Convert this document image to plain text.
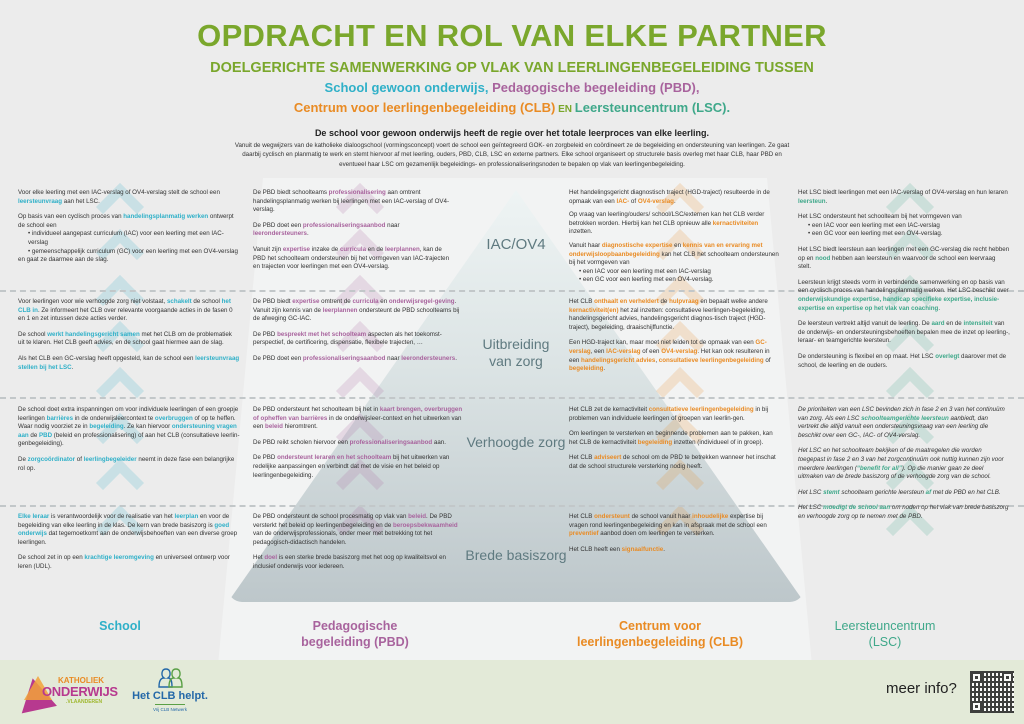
OPDRACHT EN ROL VAN ELKE PARTNER
DOELGERICHTE SAMENWERKING OP VLAK VAN LEERLINGENBEGELEIDING TUSSEN
School gewoon onderwijs, Pedagogische begeleiding (PBD),
Centrum voor leerlingenbegeleiding (CLB) EN Leersteuncentrum (LSC).
De school voor gewoon onderwijs heeft de regie over het totale leerproces van elke leerling.
Vanuit de wegwijzers van de katholieke dialoogschool (vormingsconcept) voert de school een geïntegreerd GOK- en zorgbeleid en coördineert ze de begeleiding en ondersteuning van leerlingen. Ze gaat daarbij cyclisch en planmatig te werk en stemt hiervoor af met leerling, ouders, PBD, CLB, LSC en externe partners. Elke school organiseert op structurele basis overleg met haar CLB, haar PBD en eventueel haar LSC om gezamenlijk begeleidings- en professionaliseringsnoden te bepalen op vlak van leerlingenbegeleiding.
IAC/OV4
Uitbreiding
van zorg
Verhoogde zorg
Brede basiszorg

Voor elke leerling met een IAC-verslag of OV4-verslag stelt de school een leersteunvraag aan het LSC.

Op basis van een cyclisch proces van handelingsplanmatig werken ontwerpt de school een

• individueel aangepast curriculum (IAC) voor een leerling met een IAC-verslag
• gemeenschappelijk curriculum (GC) voor een leerling met een OV4-verslag

en gaat ze daarmee aan de slag.

De PBD biedt schoolteams professionalisering aan omtrent handelingsplanmatig werken bij leerlingen met een IAC-verslag of OV4-verslag.

De PBD doet een professionaliseringsaanbod naar leerondersteuners.

Vanuit zijn expertise inzake de curricula en de leerplannen, kan de PBD het schoolteam ondersteunen bij het vormgeven van IAC-trajecten en trajecten voor leerlingen met een OV4-verslag.

Het handelingsgericht diagnostisch traject (HGD-traject) resulteerde in de opmaak van een IAC- of OV4-verslag.

Op vraag van leerling/ouders/ school/LSC/externen kan het CLB verder betrokken worden. Hierbij kan het CLB opnieuw alle kernactiviteiten inzetten.

Vanuit haar diagnostische expertise en kennis van en ervaring met onderwijsloopbaanbegeleiding kan het CLB het schoolteam ondersteunen bij het vormgeven van

• een IAC voor een leerling met een IAC-verslag
• een GC voor een leerling met een OV4-verslag.

Voor leerlingen voor wie verhoogde zorg niet volstaat, schakelt de school het CLB in. Ze informeert het CLB over relevante voorgaande acties in de fasen 0 en 1 en zet intussen deze acties verder.

De school werkt handelingsgericht samen met het CLB om de problematiek uit te klaren. Het CLB geeft advies, en de school gaat hiermee aan de slag.

Als het CLB een GC-verslag heeft opgesteld, kan de school een leersteunvraag stellen bij het LSC.

De PBD biedt expertise omtrent de curricula en onderwijsregel-geving. Vanuit zijn kennis van de leerplannen ondersteunt de PBD schoolteams bij de afweging GC-IAC.

De PBD bespreekt met het schoolteam aspecten als het toekomst-perspectief, de certificering, dispensatie, flexibele trajecten, …

De PBD doet een professionaliseringsaanbod naar leerondersteuners.

Het CLB onthaalt en verheldert de hulpvraag en bepaalt welke andere kernactiviteit(en) het zal inzetten: consultatieve leerlingen-begeleiding, handelingsgericht advies, handelingsgericht diagnos-tisch traject (HGD-traject), begeleiding, draaischijffunctie.

Een HGD-traject kan, maar moet niet leiden tot de opmaak van een GC-verslag, een IAC-verslag of een OV4-verslag. Het kan ook resulteren in een handelingsgericht advies, consultatieve leerlingenbegeleiding of begeleiding.

De school doet extra inspanningen om voor individuele leerlingen of een groepje leerlingen barrières in de onderwijsleercontext te overbruggen of op te heffen. Waar nodig voorziet ze in begeleiding. Ze kan hiervoor ondersteuning vragen aan de PBD (beleid en professionalisering) of aan het CLB (consultatieve leerlin-genbegeleiding).

De zorgcoördinator of leerlingbegeleider neemt in deze fase een belangrijke rol op.

De PBD ondersteunt het schoolteam bij het in kaart brengen, overbruggen of opheffen van barrières in de onderwijsleer-context en het uitwerken van een beleid hieromtrent.

De PBD reikt scholen hiervoor een professionaliseringsaanbod aan.

De PBD ondersteunt leraren en het schoolteam bij het uitwerken van redelijke aanpassingen en verbindt dat met de visie en het beleid op leerlingenbegeleiding.

Het CLB zet de kernactiviteit consultatieve leerlingenbegeleiding in bij problemen van individuele leerlingen of groepen van leerlin-gen.

Om leerlingen te versterken en beginnende problemen aan te pakken, kan het CLB de kernactiviteit begeleiding inzetten (individueel of in groep).

Het CLB adviseert de school om de PBD te betrekken wanneer het inschat dat de school structurele versterking nodig heeft.

Elke leraar is verantwoordelijk voor de realisatie van het leerplan en voor de begeleiding van elke leerling in de klas. De kern van brede basiszorg is goed onderwijs dat tegemoetkomt aan de onderwijsbehoeften van een diverse groep leerlingen.

De school zet in op een krachtige leeromgeving en universeel ontwerp voor leren (UDL).

De PBD ondersteunt de school procesmatig op vlak van beleid. De PBD versterkt het beleid op leerlingenbegeleiding en de beroepsbekwaamheid van de onderwijsprofessionals, onder meer met betrekking tot het pedagogisch-didactisch handelen.

Het doel is een sterke brede basiszorg met het oog op kwaliteitsvol en inclusief onderwijs voor iedereen.

Het CLB ondersteunt de school vanuit haar inhoudelijke expertise bij vragen rond leerlingenbegeleiding en kan in afspraak met de school een preventief aanbod doen om leerlingen te versterken.

Het CLB heeft een signaalfunctie.

Het LSC biedt leerlingen met een IAC-verslag of OV4-verslag en hun leraren leersteun.

Het LSC ondersteunt het schoolteam bij het vormgeven van

• een IAC voor een leerling met een IAC-verslag
• een GC voor een leerling met een OV4-verslag.

Het LSC biedt leersteun aan leerlingen met een GC-verslag die recht hebben op en nood hebben aan leersteun en waarvoor de school een leervraag stelt.

Leersteun krijgt steeds vorm in verbindende samenwerking en op basis van een cyclisch proces van handelingsplanmatig werken. Het LSC beschikt over onderwijskundige expertise, handicap specifieke expertise, inclusie-expertise en expertise op het vlak van coaching.

De leersteun vertrekt altijd vanuit de leerling. De aard en de intensiteit van de onderwijs- en ondersteuningsbehoeften bepalen mee de inzet op leerling-, leraar- en teamgerichte leersteun.

De ondersteuning is flexibel en op maat. Het LSC overlegt daarover met de school, de leerling en de ouders.

De prioriteiten van een LSC bevinden zich in fase 2 en 3 van het continuüm van zorg. Als een LSC schoolteamgerichte leersteun aanbiedt, dan vertrekt die altijd vanuit een ondersteuningsvraag van een leerling die beschikt over een GC-, IAC- of OV4-verslag.

Het LSC en het schoolteam bekijken of de maatregelen die worden toegepast in fase 2 en 3 van het zorgcontinuüm ook nuttig kunnen zijn voor meerdere leerlingen (“benefit for all”). Op die manier gaan ze deel uitmaken van de brede basiszorg of de verhoogde zorg van de school.

Het LSC stemt schoolteam gerichte leersteun af met de PBD en het CLB.

Het LSC moedigt de school aan om noden op het vlak van brede basiszorg en verhoogde zorg op te nemen met de PBD.

School	Pedagogische
begeleiding (PBD)
Centrum voor
leerlingenbegeleiding (CLB)
Leersteuncentrum
(LSC)
KATHOLIEK
ONDERWIJS
.VLAANDEREN	Het CLB helpt.
Vrij CLB Netwerk
meer info?
